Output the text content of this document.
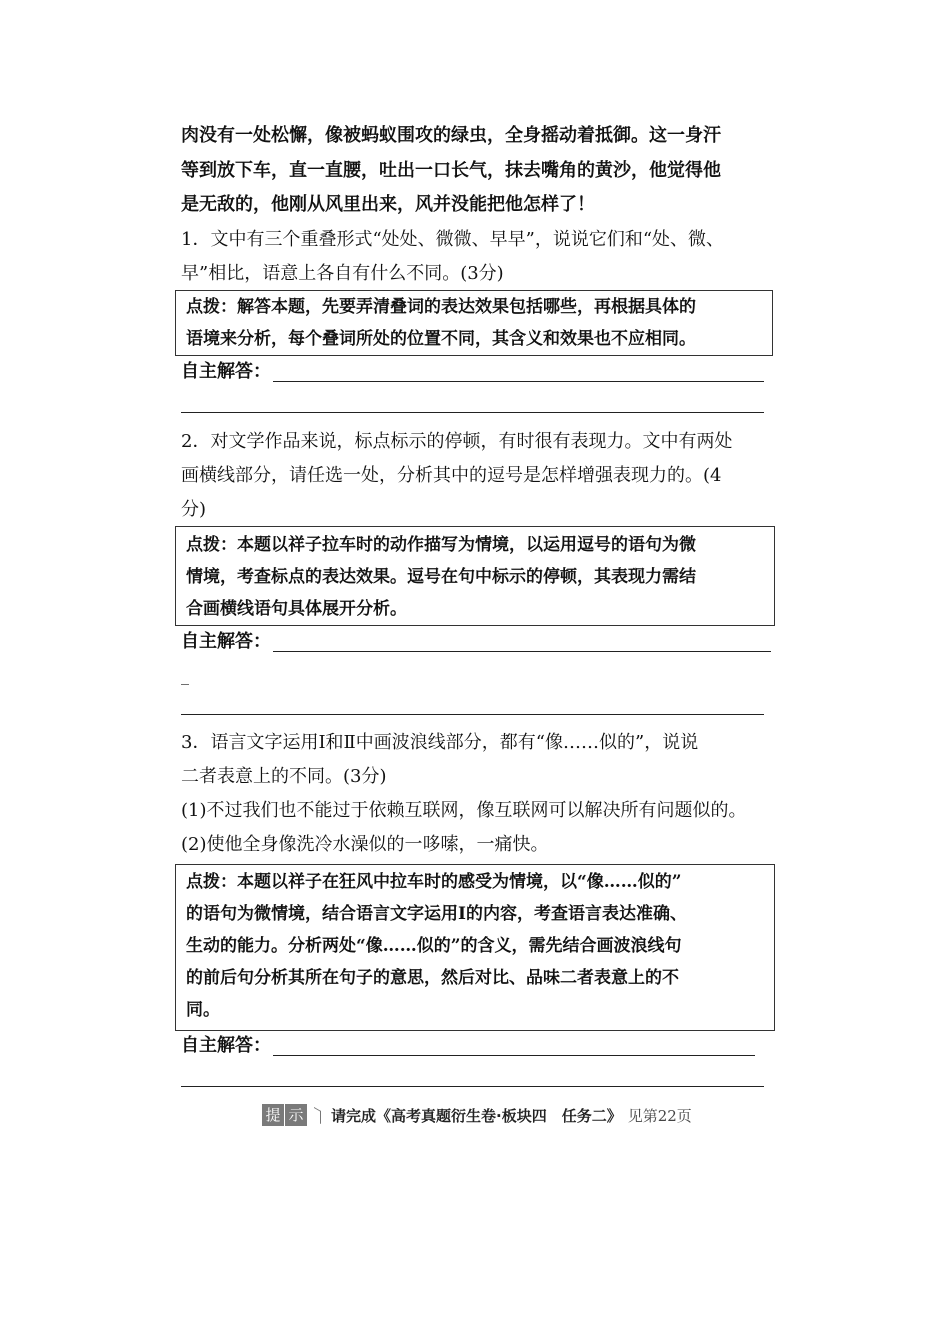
肉没有一处松懈，像被蚂蚁围攻的绿虫，全身摇动着抵御。这一身汗
等到放下车，直一直腰，吐出一口长气，抹去嘴角的黄沙，他觉得他
是无敌的，他刚从风里出来，风并没能把他怎样了！
1．文中有三个重叠形式“处处、微微、早早”，说说它们和“处、微、
早”相比，语意上各自有什么不同。(3分)
点拨：解答本题，先要弄清叠词的表达效果包括哪些，再根据具体的
语境来分析，每个叠词所处的位置不同，其含义和效果也不应相同。
自主解答：
2．对文学作品来说，标点标示的停顿，有时很有表现力。文中有两处
画横线部分，请任选一处，分析其中的逗号是怎样增强表现力的。(4
分)
点拨：本题以祥子拉车时的动作描写为情境，以运用逗号的语句为微
情境，考查标点的表达效果。逗号在句中标示的停顿，其表现力需结
合画横线语句具体展开分析。
自主解答：
_
3．语言文字运用Ⅰ和Ⅱ中画波浪线部分，都有“像……似的”，说说
二者表意上的不同。(3分)
(1)不过我们也不能过于依赖互联网，像互联网可以解决所有问题似的。
(2)使他全身像洗冷水澡似的一哆嗦，一痛快。
点拨：本题以祥子在狂风中拉车时的感受为情境，以“像……似的”
的语句为微情境，结合语言文字运用Ⅰ的内容，考查语言表达准确、
生动的能力。分析两处“像……似的”的含义，需先结合画波浪线句
的前后句分析其所在句子的意思，然后对比、品味二者表意上的不
同。
自主解答：
提 示 请完成《高考真题衍生卷·板块四　任务二》 见第22页
